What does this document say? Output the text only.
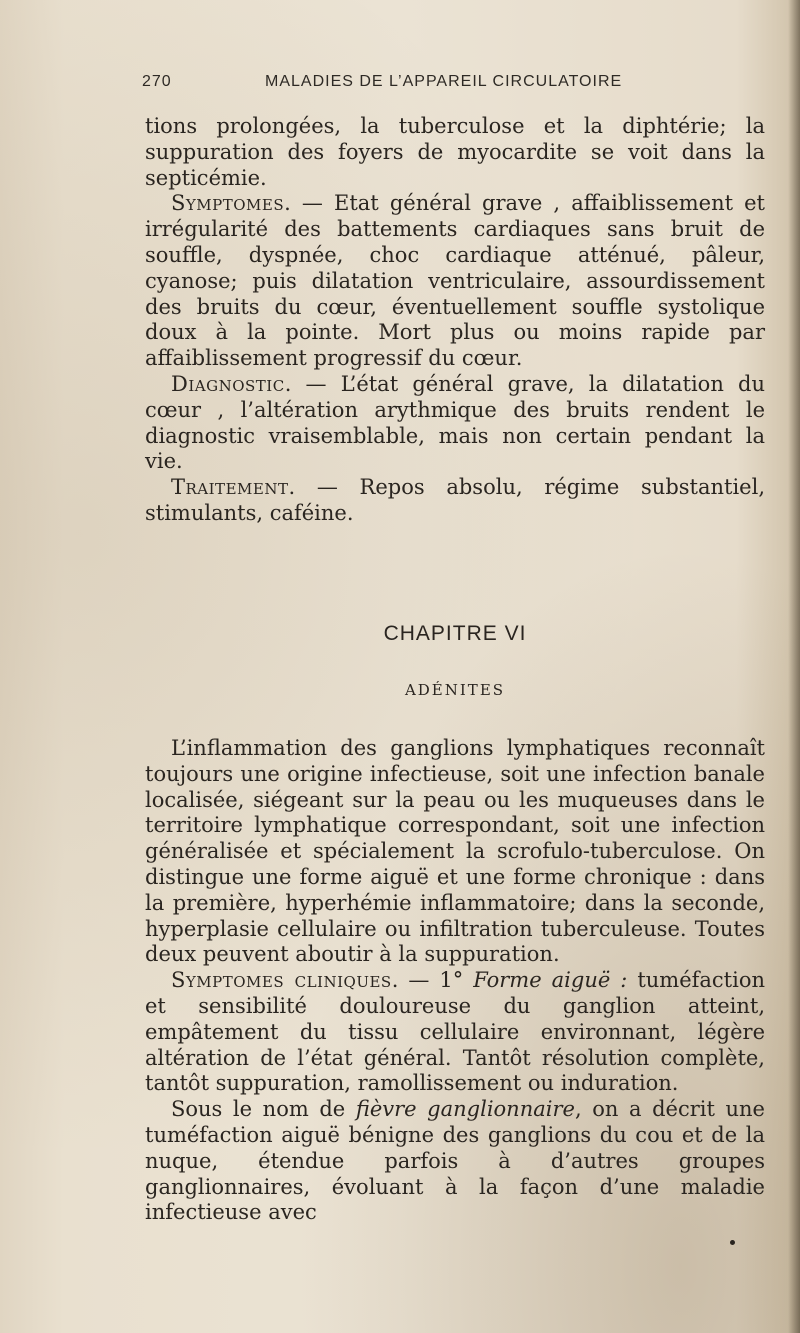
270	MALADIES DE L’APPAREIL CIRCULATOIRE

tions prolongées, la tuberculose et la diphtérie; la suppuration des foyers de myocardite se voit dans la septicémie.

Symptomes. — Etat général grave , affaiblissement et irrégularité des battements cardiaques sans bruit de souffle, dyspnée, choc cardiaque atténué, pâleur, cyanose; puis dilatation ventriculaire, assourdissement des bruits du cœur, éventuellement souffle systolique doux à la pointe. Mort plus ou moins rapide par affaiblissement progressif du cœur.

Diagnostic. — L’état général grave, la dilatation du cœur , l’altération arythmique des bruits rendent le diagnostic vraisemblable, mais non certain pendant la vie.

Traitement. — Repos absolu, régime substantiel, stimulants, caféine.

CHAPITRE VI
ADÉNITES

L’inflammation des ganglions lymphatiques reconnaît toujours une origine infectieuse, soit une infection banale localisée, siégeant sur la peau ou les muqueuses dans le territoire lymphatique correspondant, soit une infection généralisée et spécialement la scrofulo-tuberculose. On distingue une forme aiguë et une forme chronique : dans la première, hyperhémie inflammatoire; dans la seconde, hyperplasie cellulaire ou infiltration tuberculeuse. Toutes deux peuvent aboutir à la suppuration.

Symptomes cliniques. — 1° Forme aiguë : tuméfaction et sensibilité douloureuse du ganglion atteint, empâtement du tissu cellulaire environnant, légère altération de l’état général. Tantôt résolution complète, tantôt suppuration, ramollissement ou induration.

Sous le nom de fièvre ganglionnaire, on a décrit une tuméfaction aiguë bénigne des ganglions du cou et de la nuque, étendue parfois à d’autres groupes ganglionnaires, évoluant à la façon d’une maladie infectieuse avec
